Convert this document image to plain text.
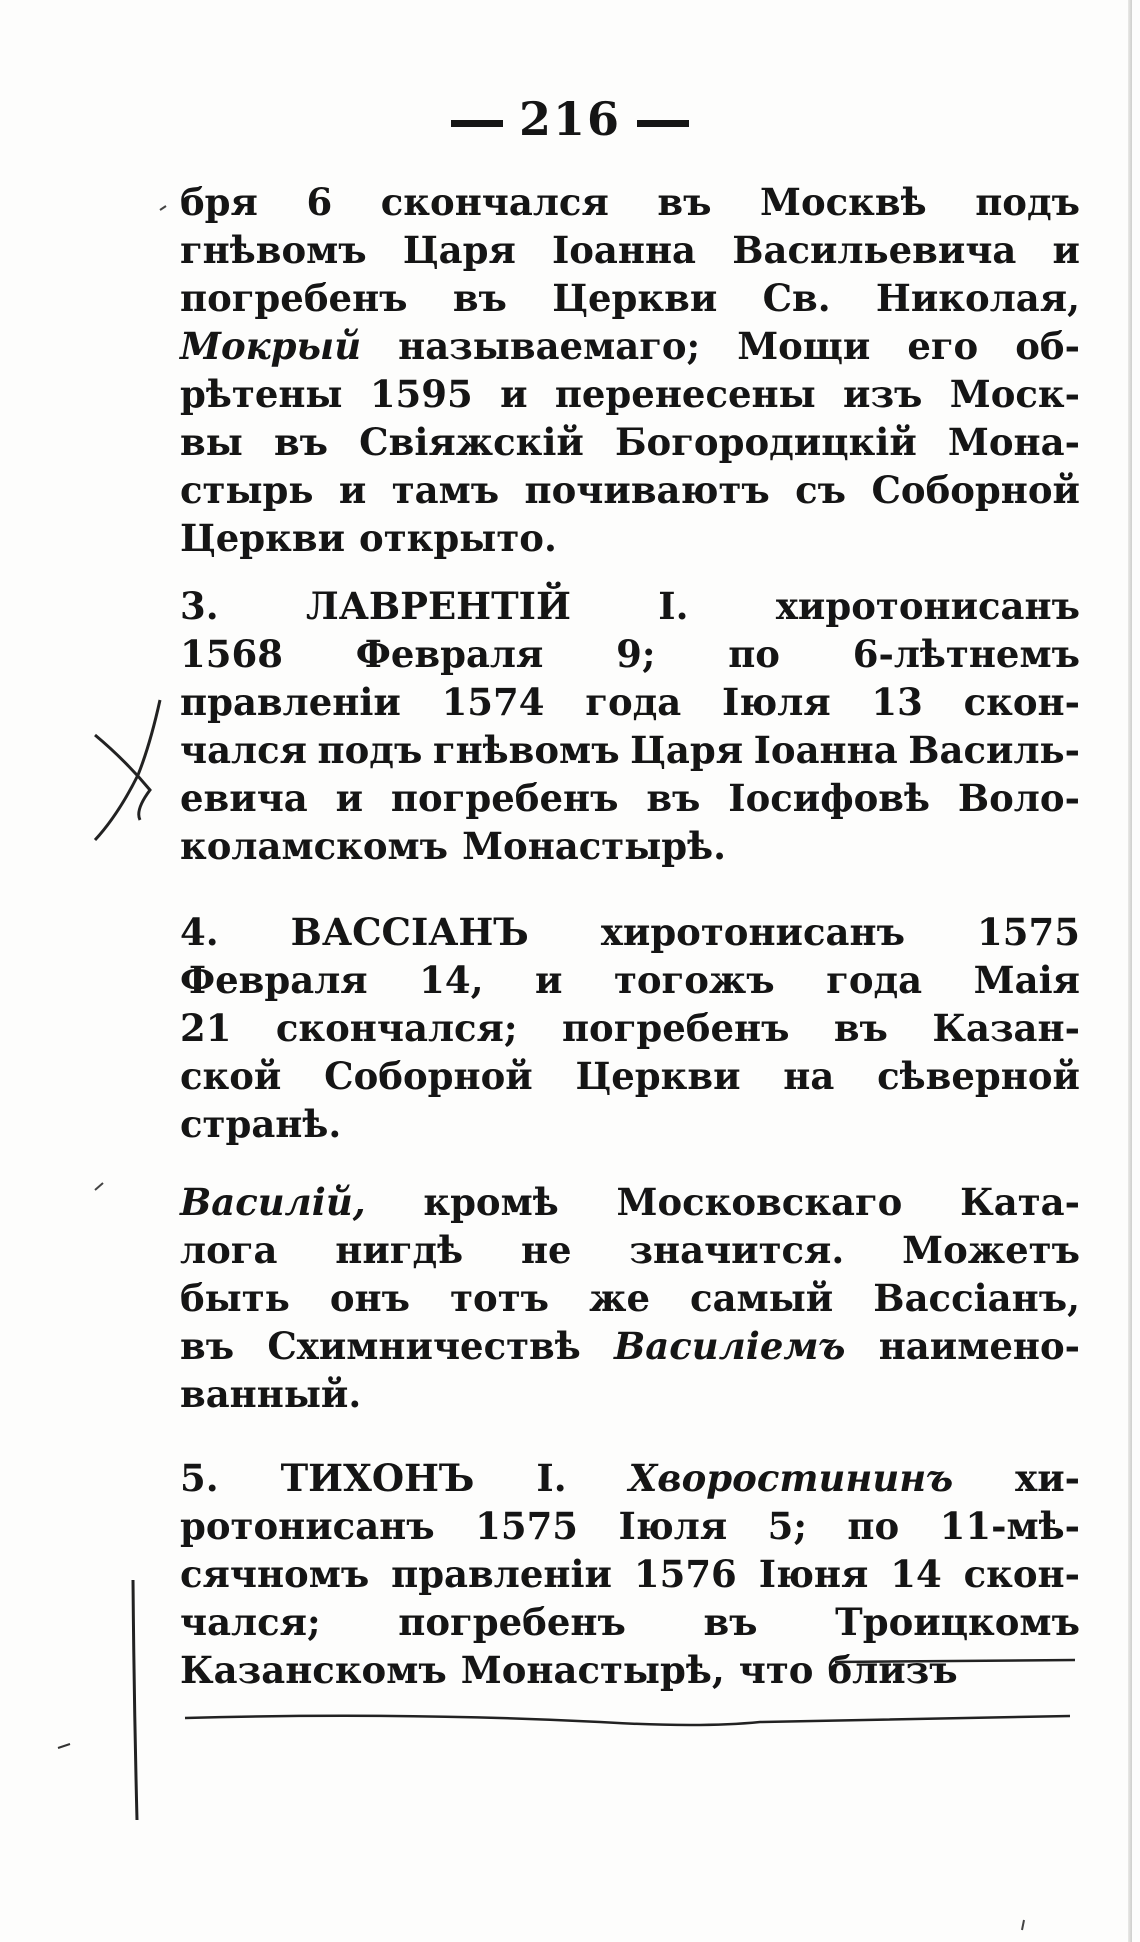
216
бря 6 скончался въ Москвѣ подъ
гнѣвомъ Царя Іоанна Васильевича и
погребенъ въ Церкви Св. Николая,
Мокрый называемаго; Мощи его об-
рѣтены 1595 и перенесены изъ Моск-
вы въ Свіяжскій Богородицкій Мона-
стырь и тамъ почиваютъ съ Соборной
Церкви открыто.
3. ЛАВРЕНТІЙ I. хиротонисанъ
1568 Февраля 9; по 6-лѣтнемъ
правленіи 1574 года Іюля 13 скон-
чался подъ гнѣвомъ Царя Іоанна Василь-
евича и погребенъ въ Іосифовѣ Воло-
коламскомъ Монастырѣ.
4. ВАССІАНЪ хиротонисанъ 1575
Февраля 14, и тогожъ года Маія
21 скончался; погребенъ въ Казан-
ской Соборной Церкви на сѣверной
странѣ.
Василій, кромѣ Московскаго Ката-
лога нигдѣ не значится. Можетъ
быть онъ тотъ же самый Вассіанъ,
въ Схимничествѣ Василіемъ наимено-
ванный.
5. ТИХОНЪ I. Хворостининъ хи-
ротонисанъ 1575 Іюля 5; по 11-мѣ-
сячномъ правленіи 1576 Іюня 14 скон-
чался; погребенъ въ Троицкомъ
Казанскомъ Монастырѣ, что близъ
